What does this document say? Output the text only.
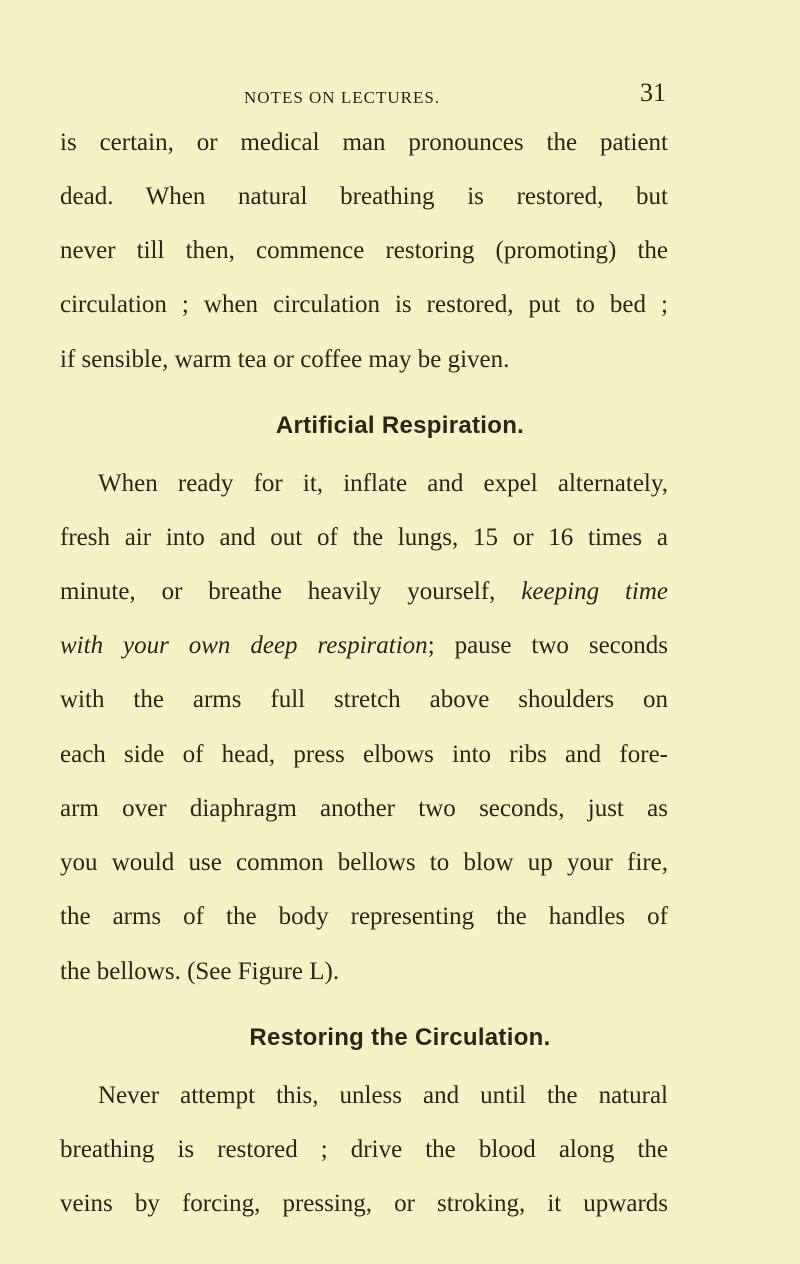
NOTES ON LECTURES.	31
is certain, or medical man pronounces the patient
dead. When natural breathing is restored, but
never till then, commence restoring (promoting) the
circulation ; when circulation is restored, put to bed ;
if sensible, warm tea or coffee may be given.
Artificial Respiration.
When ready for it, inflate and expel alternately,
fresh air into and out of the lungs, 15 or 16 times a
minute, or breathe heavily yourself, keeping time
with your own deep respiration; pause two seconds
with the arms full stretch above shoulders on
each side of head, press elbows into ribs and fore-
arm over diaphragm another two seconds, just as
you would use common bellows to blow up your fire,
the arms of the body representing the handles of
the bellows. (See Figure L).
Restoring the Circulation.
Never attempt this, unless and until the natural
breathing is restored ; drive the blood along the
veins by forcing, pressing, or stroking, it upwards
